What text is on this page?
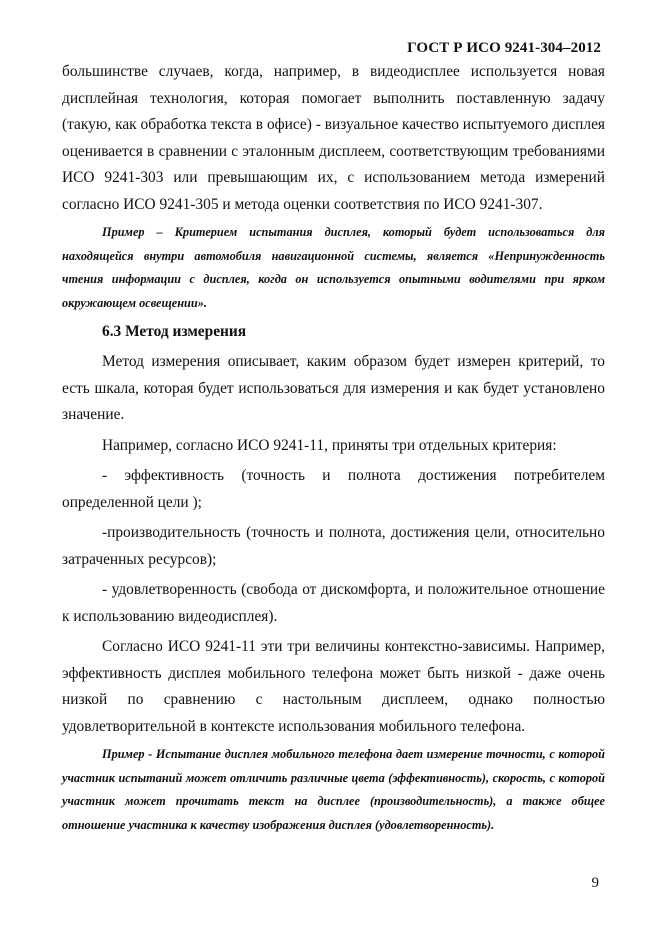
ГОСТ Р ИСО 9241-304–2012

большинстве случаев, когда, например, в видеодисплее используется новая дисплейная технология, которая помогает выполнить поставленную задачу (такую, как обработка текста в офисе) - визуальное качество испытуемого дисплея оценивается в сравнении с эталонным дисплеем, соответствующим требованиями ИСО 9241-303 или превышающим их, с использованием метода измерений согласно ИСО 9241-305 и метода оценки соответствия по ИСО 9241-307.

Пример – Критерием испытания дисплея, который будет использоваться для находящейся внутри автомобиля навигационной системы, является «Непринужденность чтения информации с дисплея, когда он используется опытными водителями при ярком окружающем освещении».

6.3 Метод измерения

Метод измерения описывает, каким образом будет измерен критерий, то есть шкала, которая будет использоваться для измерения и как будет установлено значение.

Например, согласно ИСО 9241-11, приняты три отдельных критерия:

- эффективность (точность и полнота достижения потребителем определенной цели );

-производительность (точность и полнота, достижения цели, относительно затраченных ресурсов);

- удовлетворенность (свобода от дискомфорта, и положительное отношение к использованию видеодисплея).

Согласно ИСО 9241-11 эти три величины контекстно-зависимы. Например, эффективность дисплея мобильного телефона может быть низкой - даже очень низкой по сравнению с настольным дисплеем, однако полностью удовлетворительной в контексте использования мобильного телефона.

Пример - Испытание дисплея мобильного телефона дает измерение точности, с которой участник испытаний может отличить различные цвета (эффективность), скорость, с которой участник может прочитать текст на дисплее (производительность), а также общее отношение участника к качеству изображения дисплея (удовлетворенность).

9
